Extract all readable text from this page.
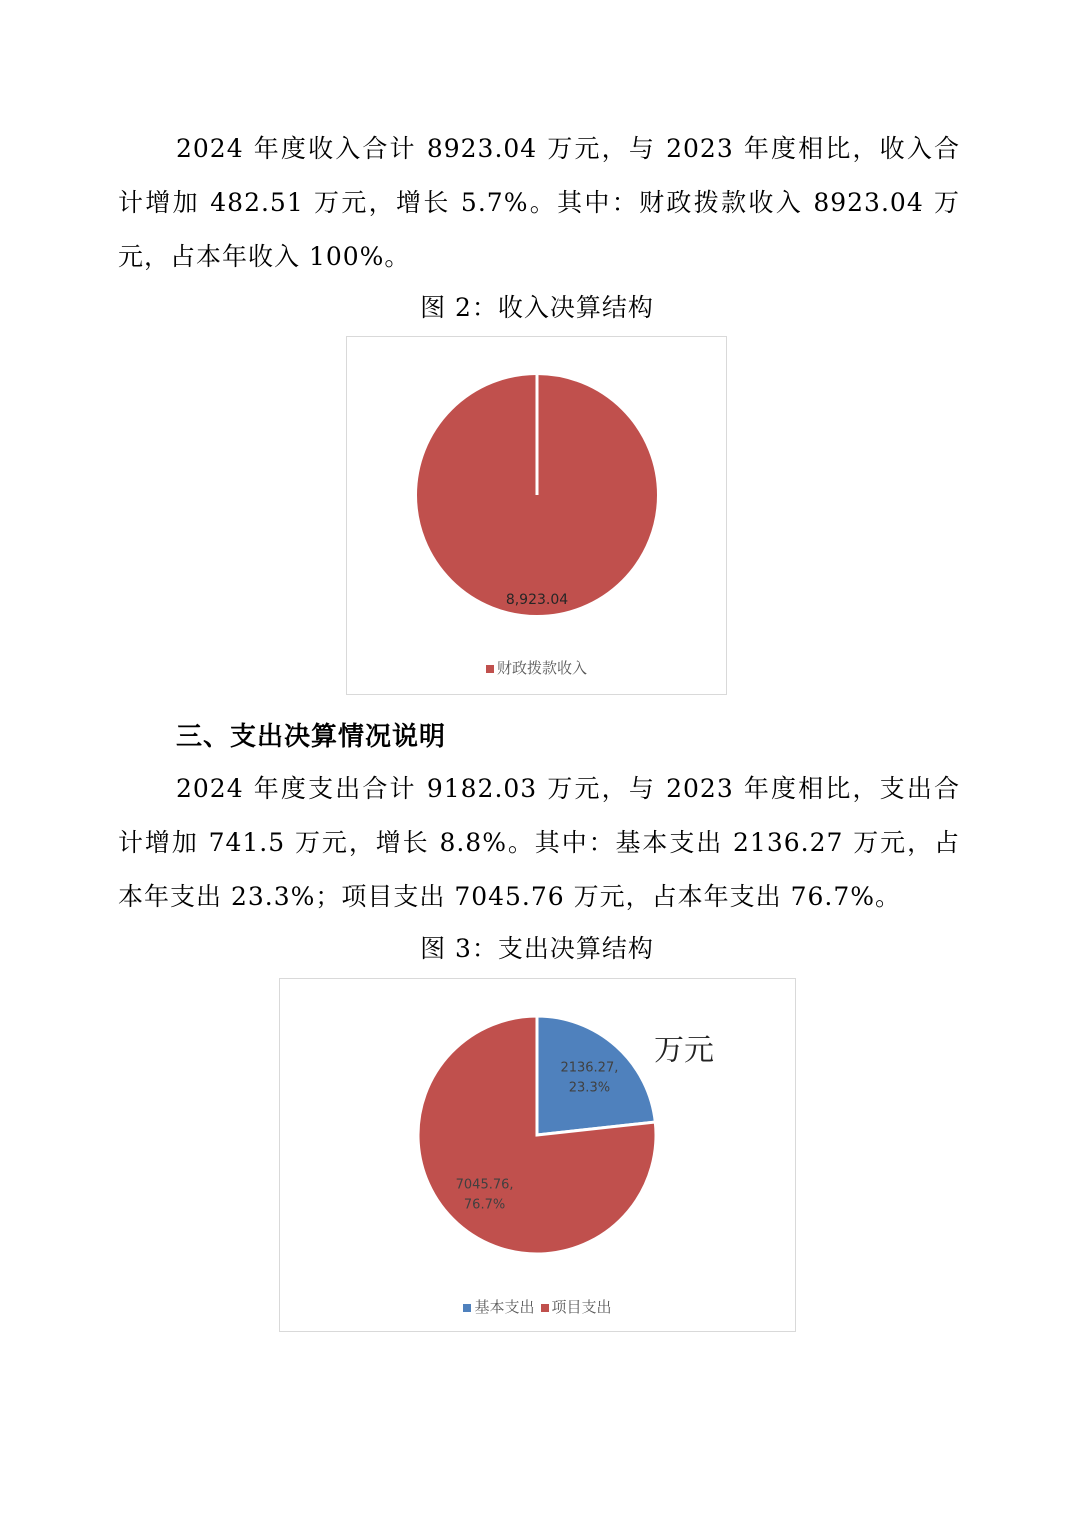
2024 年度收入合计 8923.04 万元，与 2023 年度相比，收入合计增加 482.51 万元，增长 5.7%。其中：财政拨款收入 8923.04 万元，占本年收入 100%。

图 2：收入决算结构
8,923.04
财政拨款收入
三、支出决算情况说明

2024 年度支出合计 9182.03 万元，与 2023 年度相比，支出合计增加 741.5 万元，增长 8.8%。其中：基本支出 2136.27 万元，占本年支出 23.3%；项目支出 7045.76 万元，占本年支出 76.7%。

图 3：支出决算结构
2136.27, 23.3%
7045.76, 76.7%
万元
基本支出 项目支出
